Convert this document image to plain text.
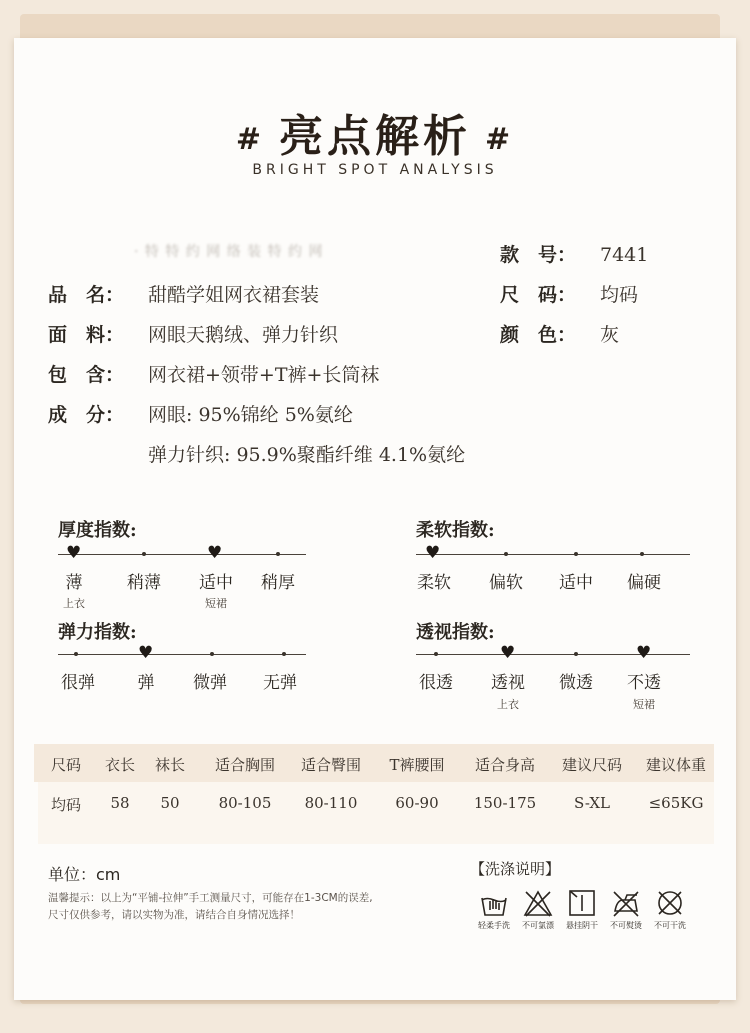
# 亮点解析 #
BRIGHT SPOT ANALYSIS
· 特 特 约 网 络 装 特 约 网	款　号： 7441
品　名： 甜酷学姐网衣裙套装	尺　码： 均码
面　料： 网眼天鹅绒、弹力针织	颜　色： 灰
包　含： 网衣裙+领带+T裤+长筒袜
成　分： 网眼: 95%锦纶 5%氨纶
弹力针织: 95.9%聚酯纤维 4.1%氨纶
厚度指数:
♥	♥
薄	稍薄	适中	稍厚
上衣	短裙
柔软指数:
♥
柔软	偏软	适中	偏硬
弹力指数:
♥
很弹	弹	微弹	无弹
透视指数:
♥	♥
很透	透视	微透	不透
上衣	短裙
尺码	衣长	袜长	适合胸围	适合臀围	T裤腰围	适合身高	建议尺码	建议体重
均码	58	50	80-105	80-110	60-90	150-175	S-XL	≤65KG
单位：cm
温馨提示：以上为“平铺-拉伸”手工测量尺寸，可能存在1-3CM的误差,
尺寸仅供参考，请以实物为准，请结合自身情况选择！
【洗涤说明】
轻柔手洗	不可氯漂	悬挂阴干	不可熨烫	不可干洗
